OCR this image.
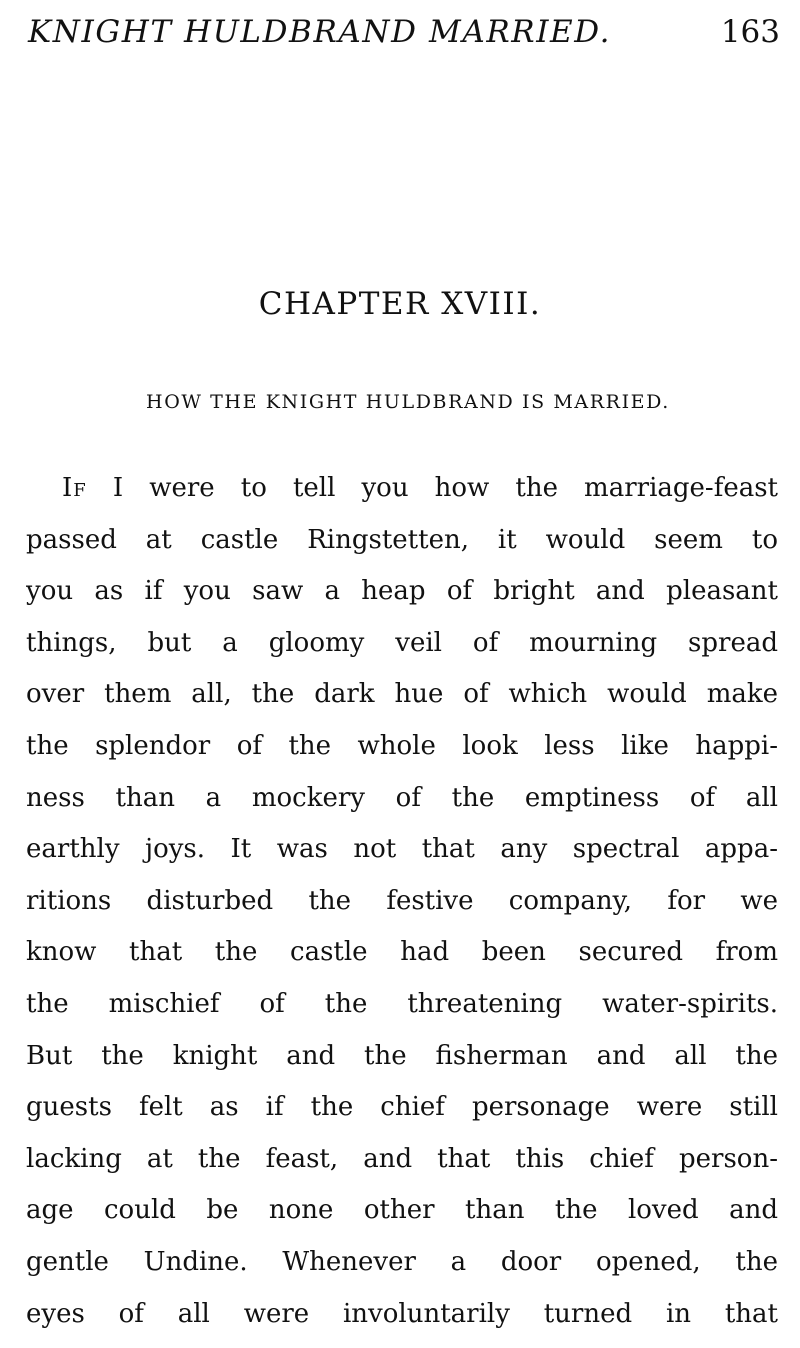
KNIGHT HULDBRAND MARRIED.	163
CHAPTER XVIII.
HOW THE KNIGHT HULDBRAND IS MARRIED.
If I were to tell you how the marriage-feast
passed at castle Ringstetten, it would seem to
you as if you saw a heap of bright and pleasant
things, but a gloomy veil of mourning spread
over them all, the dark hue of which would make
the splendor of the whole look less like happi-
ness than a mockery of the emptiness of all
earthly joys. It was not that any spectral appa-
ritions disturbed the festive company, for we
know that the castle had been secured from
the mischief of the threatening water-spirits.
But the knight and the fisherman and all the
guests felt as if the chief personage were still
lacking at the feast, and that this chief person-
age could be none other than the loved and
gentle Undine. Whenever a door opened, the
eyes of all were involuntarily turned in that
